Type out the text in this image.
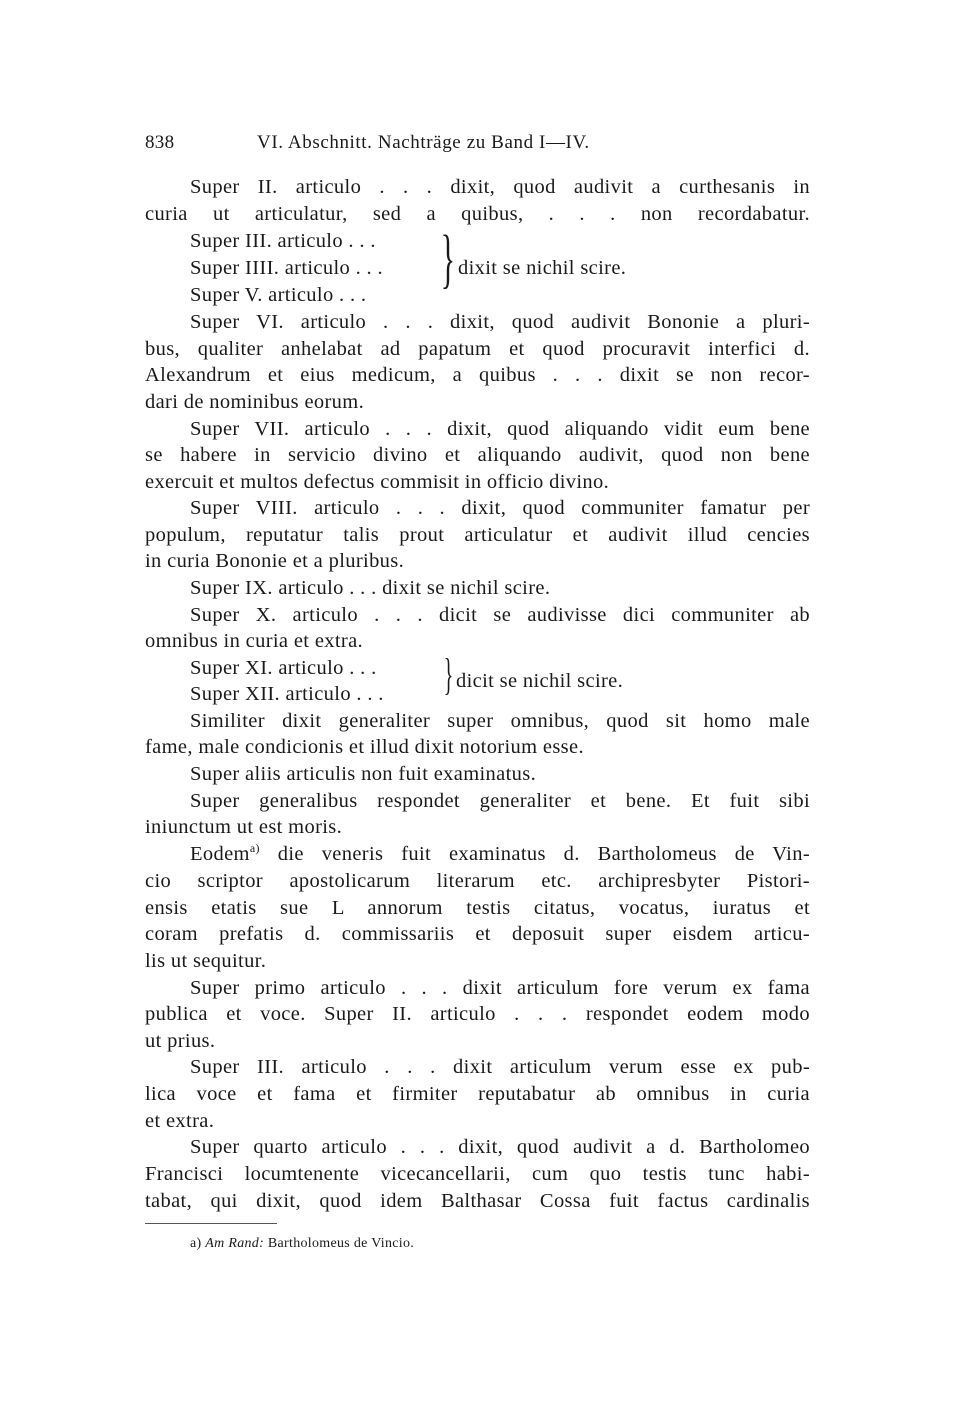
838	VI. Abschnitt. Nachträge zu Band I—IV.
Super II. articulo . . . dixit, quod audivit a curthesanis in
curia ut articulatur, sed a quibus, . . . non recordabatur.
Super III. articulo . . .
Super IIII. articulo . . .
Super V. articulo . . . } dixit se nichil scire.
Super VI. articulo . . . dixit, quod audivit Bononie a pluri-
bus, qualiter anhelabat ad papatum et quod procuravit interfici d.
Alexandrum et eius medicum, a quibus . . . dixit se non recor-
dari de nominibus eorum.
Super VII. articulo . . . dixit, quod aliquando vidit eum bene
se habere in servicio divino et aliquando audivit, quod non bene
exercuit et multos defectus commisit in officio divino.
Super VIII. articulo . . . dixit, quod communiter famatur per
populum, reputatur talis prout articulatur et audivit illud cencies
in curia Bononie et a pluribus.
Super IX. articulo . . . dixit se nichil scire.
Super X. articulo . . . dicit se audivisse dici communiter ab
omnibus in curia et extra.
Super XI. articulo . . .
Super XII. articulo . . . } dicit se nichil scire.
Similiter dixit generaliter super omnibus, quod sit homo male
fame, male condicionis et illud dixit notorium esse.
Super aliis articulis non fuit examinatus.
Super generalibus respondet generaliter et bene. Et fuit sibi
iniunctum ut est moris.
Eodem$^{a)}$ die veneris fuit examinatus d. Bartholomeus de Vin-
cio scriptor apostolicarum literarum etc. archipresbyter Pistori-
ensis etatis sue L annorum testis citatus, vocatus, iuratus et
coram prefatis d. commissariis et deposuit super eisdem articu-
lis ut sequitur.
Super primo articulo . . . dixit articulum fore verum ex fama
publica et voce. Super II. articulo . . . respondet eodem modo
ut prius.
Super III. articulo . . . dixit articulum verum esse ex pub-
lica voce et fama et firmiter reputabatur ab omnibus in curia
et extra.
Super quarto articulo . . . dixit, quod audivit a d. Bartholomeo
Francisci locumtenente vicecancellarii, cum quo testis tunc habi-
tabat, qui dixit, quod idem Balthasar Cossa fuit factus cardinalis
a) Am Rand: Bartholomeus de Vincio.
